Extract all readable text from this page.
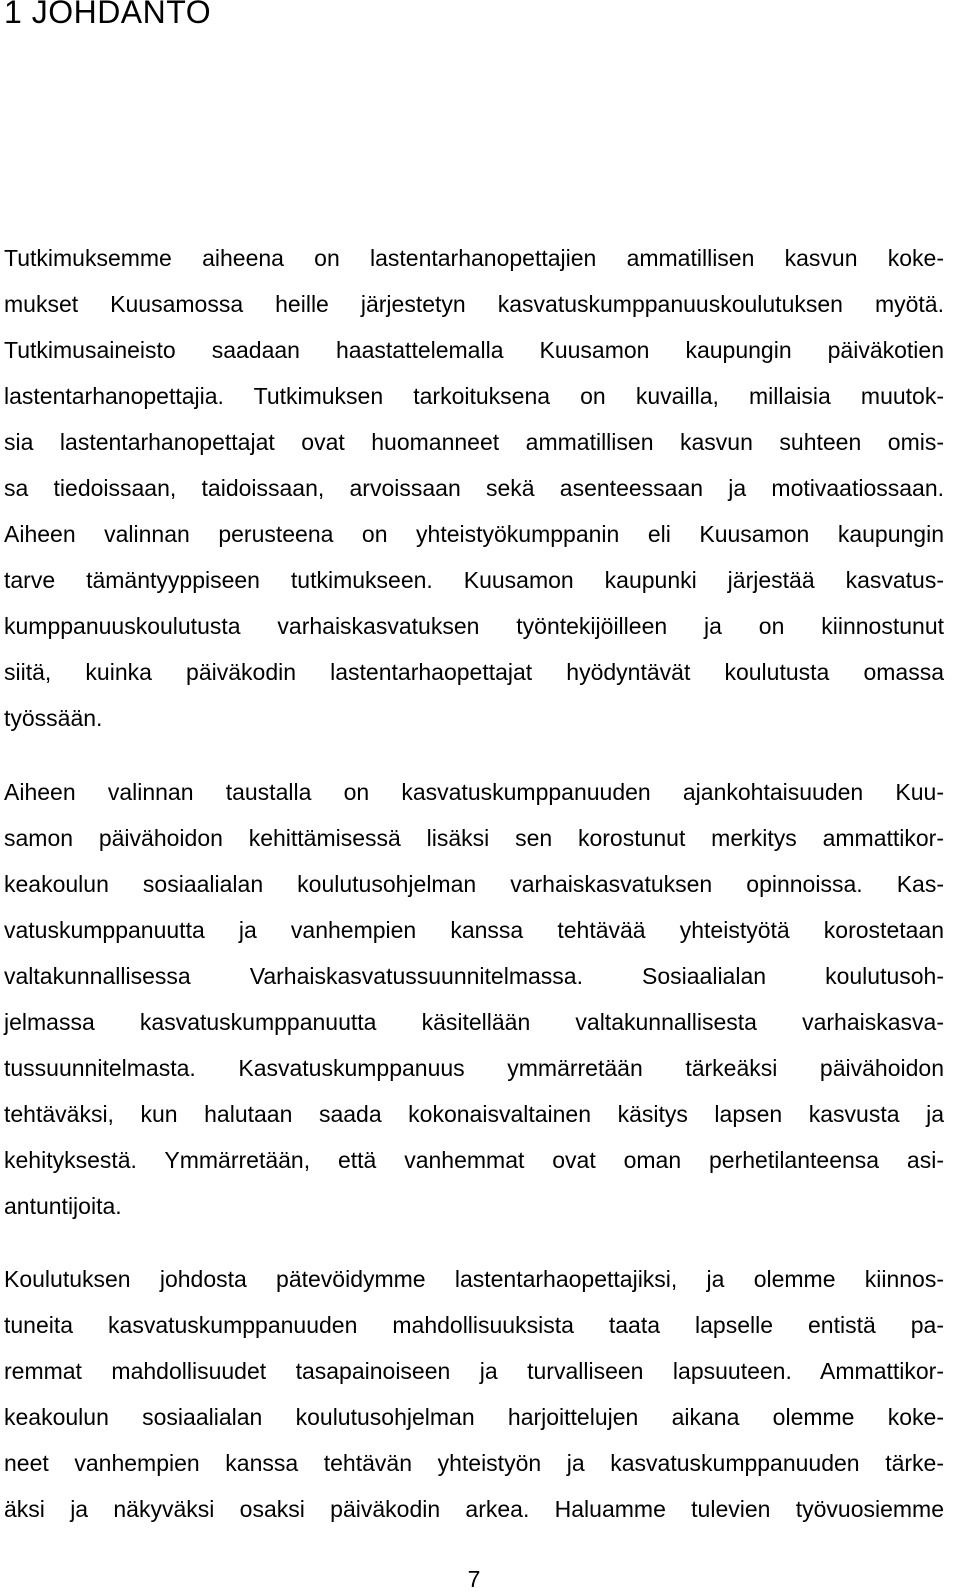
1 JOHDANTO
Tutkimuksemme aiheena on lastentarhanopettajien ammatillisen kasvun koke-
mukset Kuusamossa heille järjestetyn kasvatuskumppanuuskoulutuksen myötä.
Tutkimusaineisto saadaan haastattelemalla Kuusamon kaupungin päiväkotien
lastentarhanopettajia. Tutkimuksen tarkoituksena on kuvailla, millaisia muutok-
sia lastentarhanopettajat ovat huomanneet ammatillisen kasvun suhteen omis-
sa tiedoissaan, taidoissaan, arvoissaan sekä asenteessaan ja motivaatiossaan.
Aiheen valinnan perusteena on yhteistyökumppanin eli Kuusamon kaupungin
tarve tämäntyyppiseen tutkimukseen. Kuusamon kaupunki järjestää kasvatus-
kumppanuuskoulutusta varhaiskasvatuksen työntekijöilleen ja on kiinnostunut
siitä, kuinka päiväkodin lastentarhaopettajat hyödyntävät koulutusta omassa
työssään.
Aiheen valinnan taustalla on kasvatuskumppanuuden ajankohtaisuuden Kuu-
samon päivähoidon kehittämisessä lisäksi sen korostunut merkitys ammattikor-
keakoulun sosiaalialan koulutusohjelman varhaiskasvatuksen opinnoissa. Kas-
vatuskumppanuutta ja vanhempien kanssa tehtävää yhteistyötä korostetaan
valtakunnallisessa Varhaiskasvatussuunnitelmassa. Sosiaalialan koulutusoh-
jelmassa kasvatuskumppanuutta käsitellään valtakunnallisesta varhaiskasva-
tussuunnitelmasta. Kasvatuskumppanuus ymmärretään tärkeäksi päivähoidon
tehtäväksi, kun halutaan saada kokonaisvaltainen käsitys lapsen kasvusta ja
kehityksestä. Ymmärretään, että vanhemmat ovat oman perhetilanteensa asi-
antuntijoita.
Koulutuksen johdosta pätevöidymme lastentarhaopettajiksi, ja olemme kiinnos-
tuneita kasvatuskumppanuuden mahdollisuuksista taata lapselle entistä pa-
remmat mahdollisuudet tasapainoiseen ja turvalliseen lapsuuteen. Ammattikor-
keakoulun sosiaalialan koulutusohjelman harjoittelujen aikana olemme koke-
neet vanhempien kanssa tehtävän yhteistyön ja kasvatuskumppanuuden tärke-
äksi ja näkyväksi osaksi päiväkodin arkea. Haluamme tulevien työvuosiemme
7
